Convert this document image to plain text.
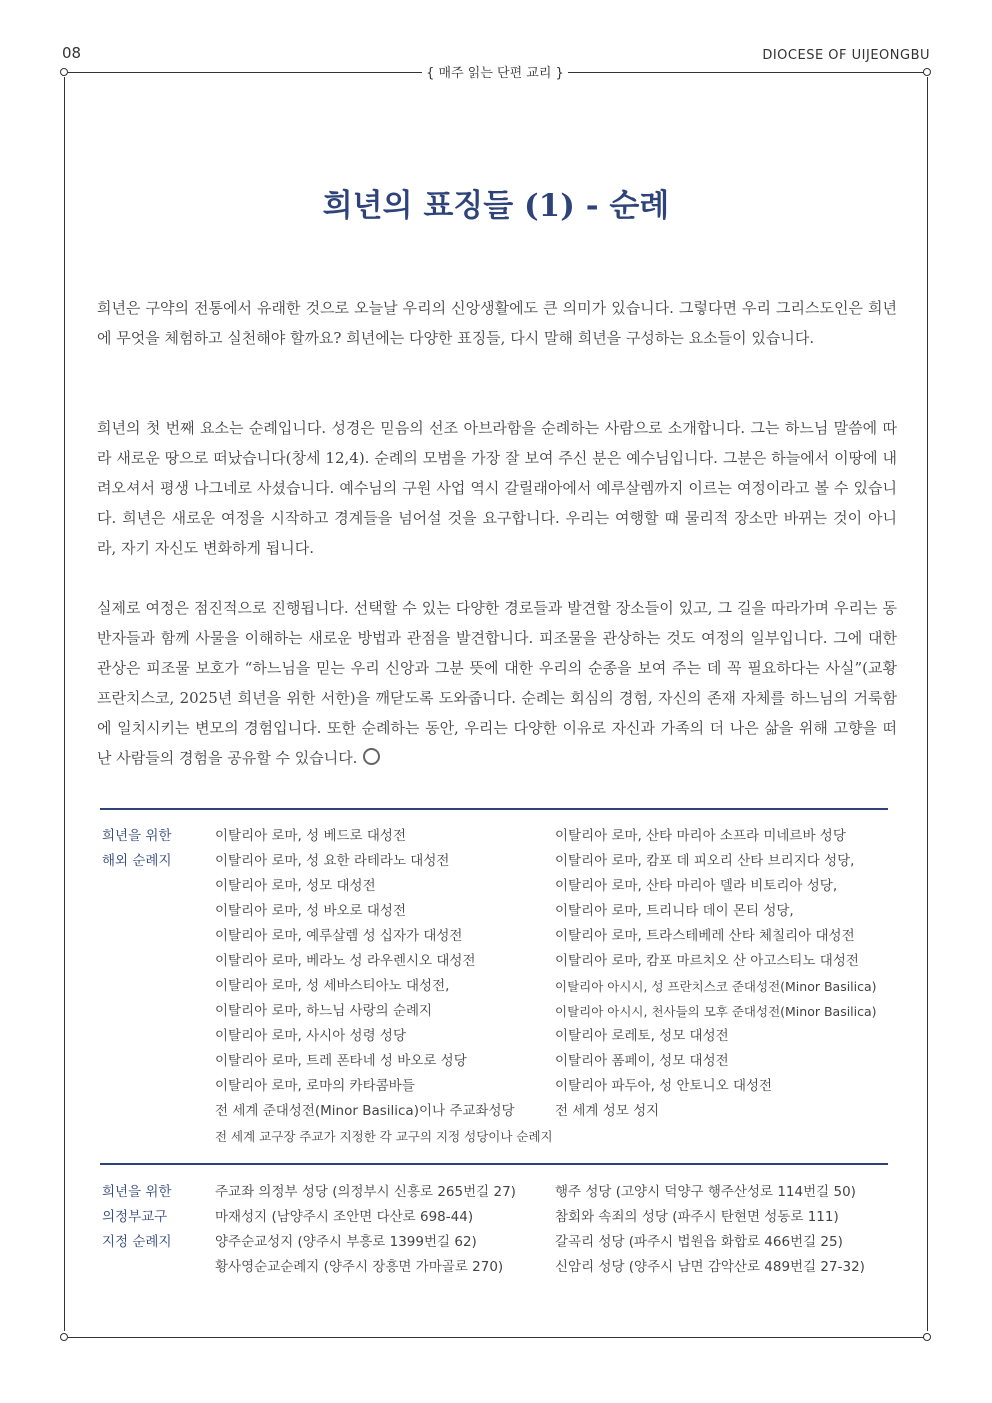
08	DIOCESE OF UIJEONGBU
{ 매주 읽는 단편 교리 }
희년의 표징들 (1) - 순례

희년은 구약의 전통에서 유래한 것으로 오늘날 우리의 신앙생활에도 큰 의미가 있습니다. 그렇다면 우리 그리스도인은 희년에 무엇을 체험하고 실천해야 할까요? 희년에는 다양한 표징들, 다시 말해 희년을 구성하는 요소들이 있습니다.

희년의 첫 번째 요소는 순례입니다. 성경은 믿음의 선조 아브라함을 순례하는 사람으로 소개합니다. 그는 하느님 말씀에 따라 새로운 땅으로 떠났습니다(창세 12,4). 순례의 모범을 가장 잘 보여 주신 분은 예수님입니다. 그분은 하늘에서 이땅에 내려오셔서 평생 나그네로 사셨습니다. 예수님의 구원 사업 역시 갈릴래아에서 예루살렘까지 이르는 여정이라고 볼 수 있습니다. 희년은 새로운 여정을 시작하고 경계들을 넘어설 것을 요구합니다. 우리는 여행할 때 물리적 장소만 바뀌는 것이 아니라, 자기 자신도 변화하게 됩니다.

실제로 여정은 점진적으로 진행됩니다. 선택할 수 있는 다양한 경로들과 발견할 장소들이 있고, 그 길을 따라가며 우리는 동반자들과 함께 사물을 이해하는 새로운 방법과 관점을 발견합니다. 피조물을 관상하는 것도 여정의 일부입니다. 그에 대한 관상은 피조물 보호가 “하느님을 믿는 우리 신앙과 그분 뜻에 대한 우리의 순종을 보여 주는 데 꼭 필요하다는 사실”(교황 프란치스코, 2025년 희년을 위한 서한)을 깨닫도록 도와줍니다. 순례는 회심의 경험, 자신의 존재 자체를 하느님의 거룩함에 일치시키는 변모의 경험입니다. 또한 순례하는 동안, 우리는 다양한 이유로 자신과 가족의 더 나은 삶을 위해 고향을 떠난 사람들의 경험을 공유할 수 있습니다.

희년을 위한
해외 순례지
이탈리아 로마, 성 베드로 대성전
이탈리아 로마, 성 요한 라테라노 대성전
이탈리아 로마, 성모 대성전
이탈리아 로마, 성 바오로 대성전
이탈리아 로마, 예루살렘 성 십자가 대성전
이탈리아 로마, 베라노 성 라우렌시오 대성전
이탈리아 로마, 성 세바스티아노 대성전,
이탈리아 로마, 하느님 사랑의 순례지
이탈리아 로마, 사시아 성령 성당
이탈리아 로마, 트레 폰타네 성 바오로 성당
이탈리아 로마, 로마의 카타콤바들
전 세계 준대성전(Minor Basilica)이나 주교좌성당
전 세계 교구장 주교가 지정한 각 교구의 지정 성당이나 순례지
이탈리아 로마, 산타 마리아 소프라 미네르바 성당
이탈리아 로마, 캄포 데 피오리 산타 브리지다 성당,
이탈리아 로마, 산타 마리아 델라 비토리아 성당,
이탈리아 로마, 트리니타 데이 몬티 성당,
이탈리아 로마, 트라스테베레 산타 체칠리아 대성전
이탈리아 로마, 캄포 마르치오 산 아고스티노 대성전
이탈리아 아시시, 성 프란치스코 준대성전(Minor Basilica)
이탈리아 아시시, 천사들의 모후 준대성전(Minor Basilica)
이탈리아 로레토, 성모 대성전
이탈리아 폼페이, 성모 대성전
이탈리아 파두아, 성 안토니오 대성전
전 세계 성모 성지
희년을 위한
의정부교구
지정 순례지
주교좌 의정부 성당 (의정부시 신흥로 265번길 27)
마재성지 (남양주시 조안면 다산로 698-44)
양주순교성지 (양주시 부흥로 1399번길 62)
황사영순교순례지 (양주시 장흥면 가마골로 270)
행주 성당 (고양시 덕양구 행주산성로 114번길 50)
참회와 속죄의 성당 (파주시 탄현면 성동로 111)
갈곡리 성당 (파주시 법원읍 화합로 466번길 25)
신암리 성당 (양주시 남면 감악산로 489번길 27-32)
